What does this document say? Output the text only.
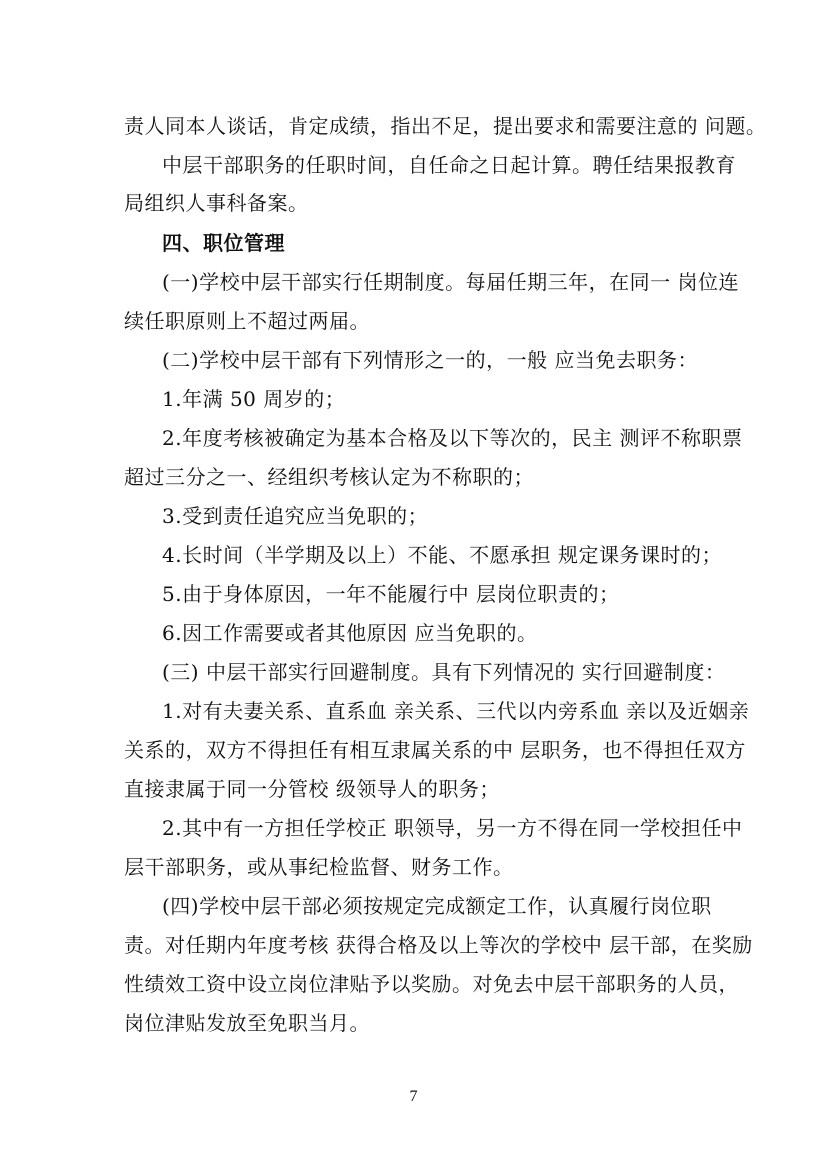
责人同本人谈话，肯定成绩，指出不足，提出要求和需要注意的 问题。
中层干部职务的任职时间，自任命之日起计算。聘任结果报教育
局组织人事科备案。
四、职位管理
(一)学校中层干部实行任期制度。每届任期三年，在同一 岗位连
续任职原则上不超过两届。
(二)学校中层干部有下列情形之一的，一般 应当免去职务：
1.年满 50 周岁的；
2.年度考核被确定为基本合格及以下等次的，民主 测评不称职票
超过三分之一、经组织考核认定为不称职的；
3.受到责任追究应当免职的；
4.长时间（半学期及以上）不能、不愿承担 规定课务课时的；
5.由于身体原因，一年不能履行中 层岗位职责的；
6.因工作需要或者其他原因 应当免职的。
(三) 中层干部实行回避制度。具有下列情况的 实行回避制度：
1.对有夫妻关系、直系血 亲关系、三代以内旁系血 亲以及近姻亲
关系的，双方不得担任有相互隶属关系的中 层职务，也不得担任双方
直接隶属于同一分管校 级领导人的职务；
2.其中有一方担任学校正 职领导，另一方不得在同一学校担任中
层干部职务，或从事纪检监督、财务工作。
(四)学校中层干部必须按规定完成额定工作，认真履行岗位职
责。对任期内年度考核 获得合格及以上等次的学校中 层干部，在奖励
性绩效工资中设立岗位津贴予以奖励。对免去中层干部职务的人员，
岗位津贴发放至免职当月。
7
